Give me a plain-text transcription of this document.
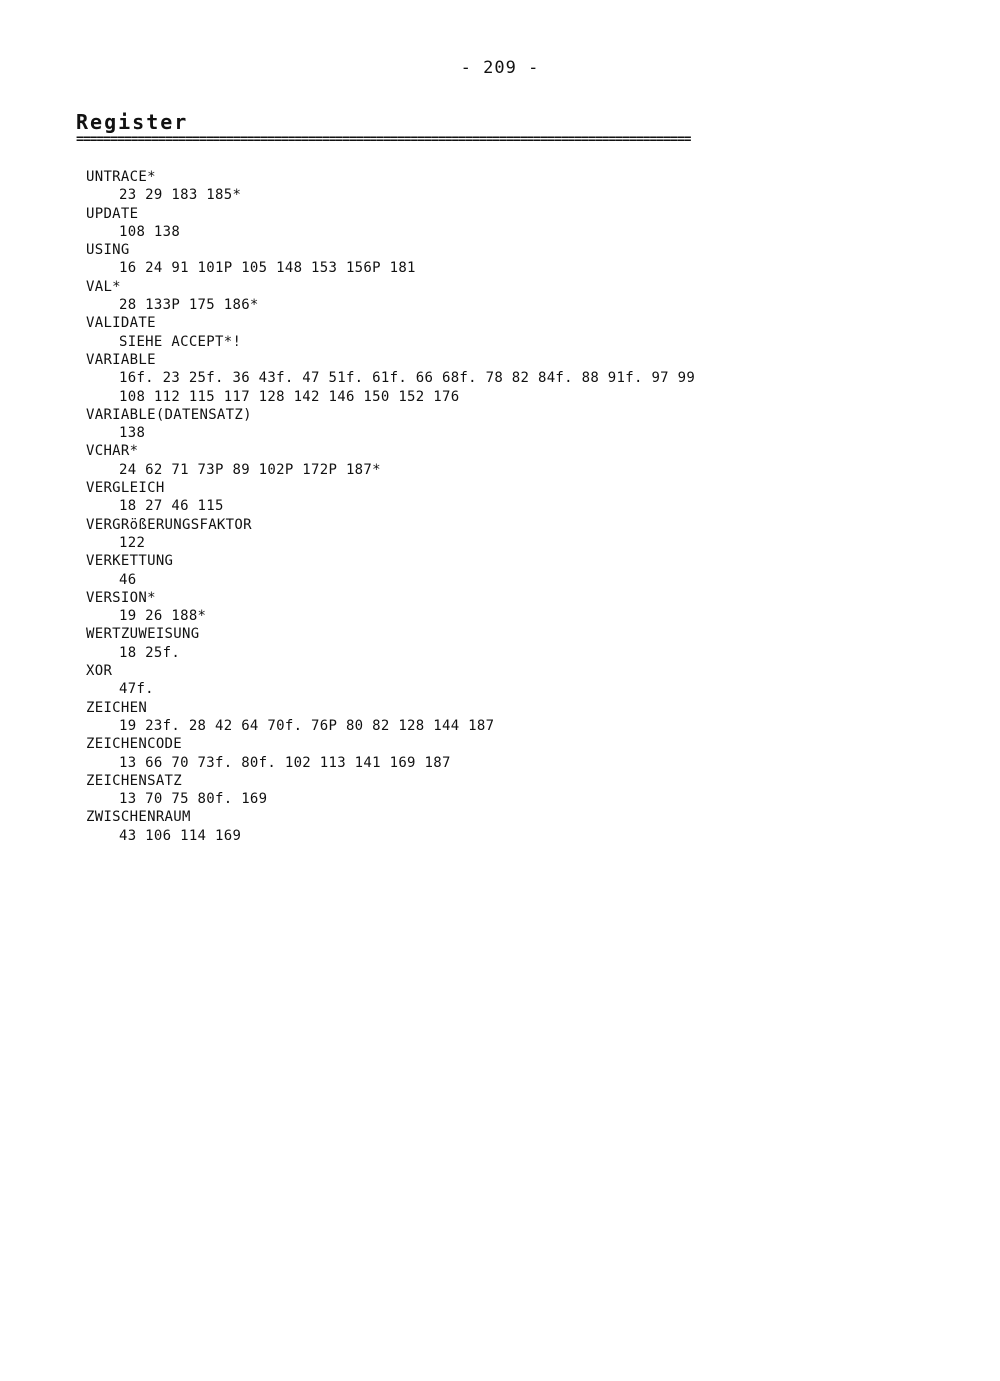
- 209 -
Register
==========================================================================================
UNTRACE*
23 29 183 185*
UPDATE
108 138
USING
16 24 91 101P 105 148 153 156P 181
VAL*
28 133P 175 186*
VALIDATE
SIEHE ACCEPT*!
VARIABLE
16f. 23 25f. 36 43f. 47 51f. 61f. 66 68f. 78 82 84f. 88 91f. 97 99
108 112 115 117 128 142 146 150 152 176
VARIABLE(DATENSATZ)
138
VCHAR*
24 62 71 73P 89 102P 172P 187*
VERGLEICH
18 27 46 115
VERGRößERUNGSFAKTOR
122
VERKETTUNG
46
VERSION*
19 26 188*
WERTZUWEISUNG
18 25f.
XOR
47f.
ZEICHEN
19 23f. 28 42 64 70f. 76P 80 82 128 144 187
ZEICHENCODE
13 66 70 73f. 80f. 102 113 141 169 187
ZEICHENSATZ
13 70 75 80f. 169
ZWISCHENRAUM
43 106 114 169
